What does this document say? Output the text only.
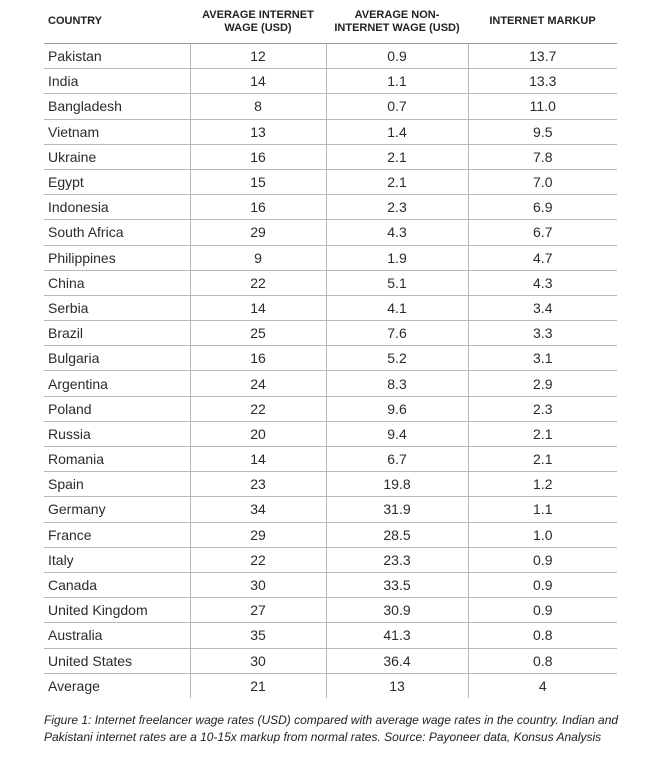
COUNTRY	AVERAGE INTERNET WAGE (USD)	AVERAGE NON-INTERNET WAGE (USD)	INTERNET MARKUP
Pakistan	12	0.9	13.7
India	14	1.1	13.3
Bangladesh	8	0.7	11.0
Vietnam	13	1.4	9.5
Ukraine	16	2.1	7.8
Egypt	15	2.1	7.0
Indonesia	16	2.3	6.9
South Africa	29	4.3	6.7
Philippines	9	1.9	4.7
China	22	5.1	4.3
Serbia	14	4.1	3.4
Brazil	25	7.6	3.3
Bulgaria	16	5.2	3.1
Argentina	24	8.3	2.9
Poland	22	9.6	2.3
Russia	20	9.4	2.1
Romania	14	6.7	2.1
Spain	23	19.8	1.2
Germany	34	31.9	1.1
France	29	28.5	1.0
Italy	22	23.3	0.9
Canada	30	33.5	0.9
United Kingdom	27	30.9	0.9
Australia	35	41.3	0.8
United States	30	36.4	0.8
Average	21	13	4
Figure 1: Internet freelancer wage rates (USD) compared with average wage rates in the country. Indian and Pakistani internet rates are a 10-15x markup from normal rates. Source: Payoneer data, Konsus Analysis
